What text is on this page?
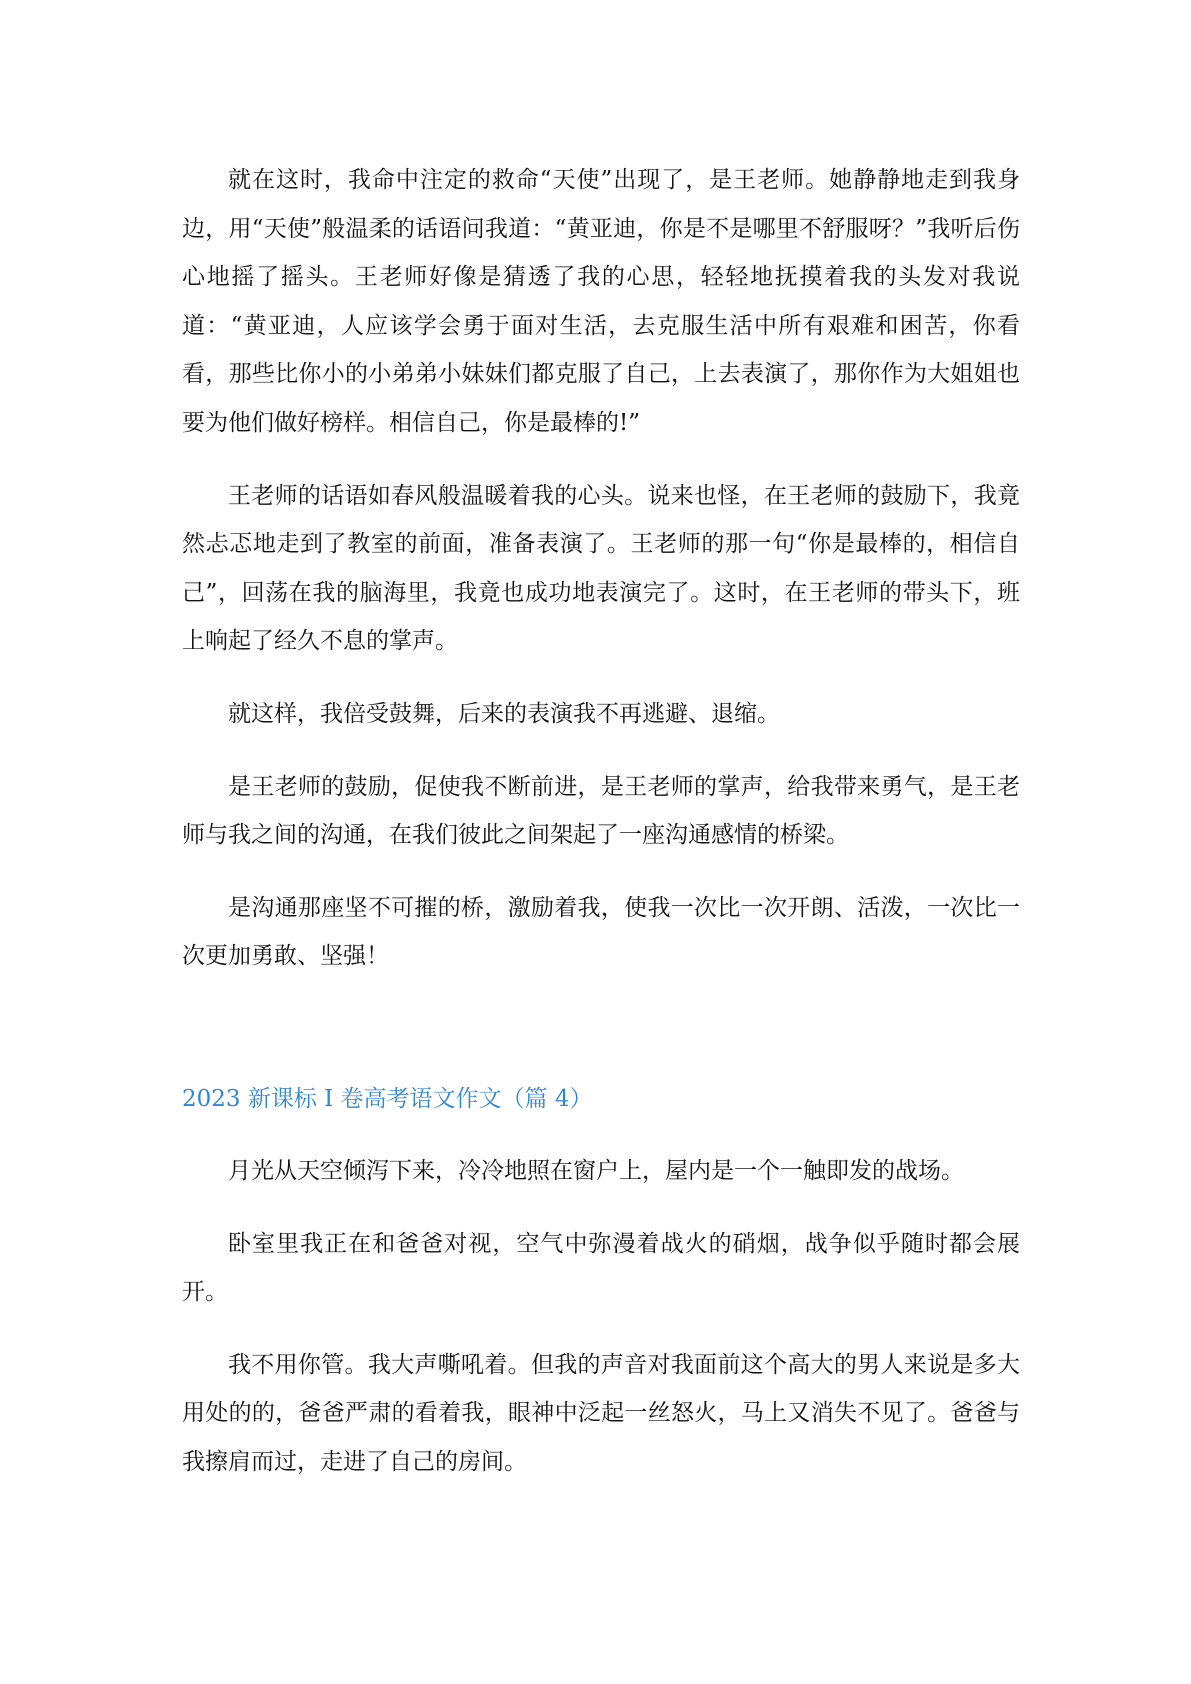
就在这时，我命中注定的救命“天使”出现了，是王老师。她静静地走到我身边，用“天使”般温柔的话语问我道：“黄亚迪，你是不是哪里不舒服呀？”我听后伤心地摇了摇头。王老师好像是猜透了我的心思，轻轻地抚摸着我的头发对我说道：“黄亚迪，人应该学会勇于面对生活，去克服生活中所有艰难和困苦，你看看，那些比你小的小弟弟小妹妹们都克服了自己，上去表演了，那你作为大姐姐也要为他们做好榜样。相信自己，你是最棒的!”

王老师的话语如春风般温暖着我的心头。说来也怪，在王老师的鼓励下，我竟然忐忑地走到了教室的前面，准备表演了。王老师的那一句“你是最棒的，相信自己”，回荡在我的脑海里，我竟也成功地表演完了。这时，在王老师的带头下，班上响起了经久不息的掌声。

就这样，我倍受鼓舞，后来的表演我不再逃避、退缩。

是王老师的鼓励，促使我不断前进，是王老师的掌声，给我带来勇气，是王老师与我之间的沟通，在我们彼此之间架起了一座沟通感情的桥梁。

是沟通那座坚不可摧的桥，激励着我，使我一次比一次开朗、活泼，一次比一次更加勇敢、坚强！

2023 新课标 I 卷高考语文作文（篇 4）

月光从天空倾泻下来，冷冷地照在窗户上，屋内是一个一触即发的战场。

卧室里我正在和爸爸对视，空气中弥漫着战火的硝烟，战争似乎随时都会展开。

我不用你管。我大声嘶吼着。但我的声音对我面前这个高大的男人来说是多大用处的的，爸爸严肃的看着我，眼神中泛起一丝怒火，马上又消失不见了。爸爸与我擦肩而过，走进了自己的房间。
